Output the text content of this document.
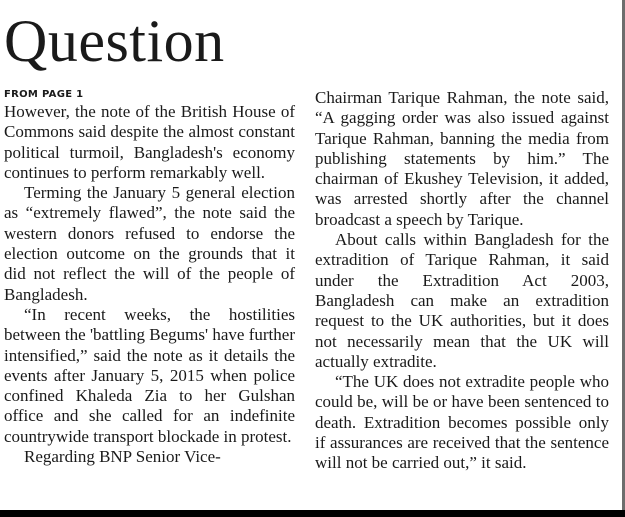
Question
FROM PAGE 1

However, the note of the British House of Commons said despite the almost constant political turmoil, Bangladesh's economy continues to perform remarkably well.

Terming the January 5 general election as “extremely flawed”, the note said the western donors refused to endorse the election outcome on the grounds that it did not reflect the will of the people of Bangladesh.

“In recent weeks, the hostilities between the 'battling Begums' have further intensified,” said the note as it details the events after January 5, 2015 when police confined Khaleda Zia to her Gulshan office and she called for an indefinite countrywide transport blockade in protest.

Regarding BNP Senior Vice-

Chairman Tarique Rahman, the note said, “A gagging order was also issued against Tarique Rahman, banning the media from publishing statements by him.” The chairman of Ekushey Television, it added, was arrested shortly after the channel broadcast a speech by Tarique.

About calls within Bangladesh for the extradition of Tarique Rahman, it said under the Extradition Act 2003, Bangladesh can make an extradition request to the UK authorities, but it does not necessarily mean that the UK will actually extradite.

“The UK does not extradite people who could be, will be or have been sentenced to death. Extradition becomes possible only if assurances are received that the sentence will not be carried out,” it said.
